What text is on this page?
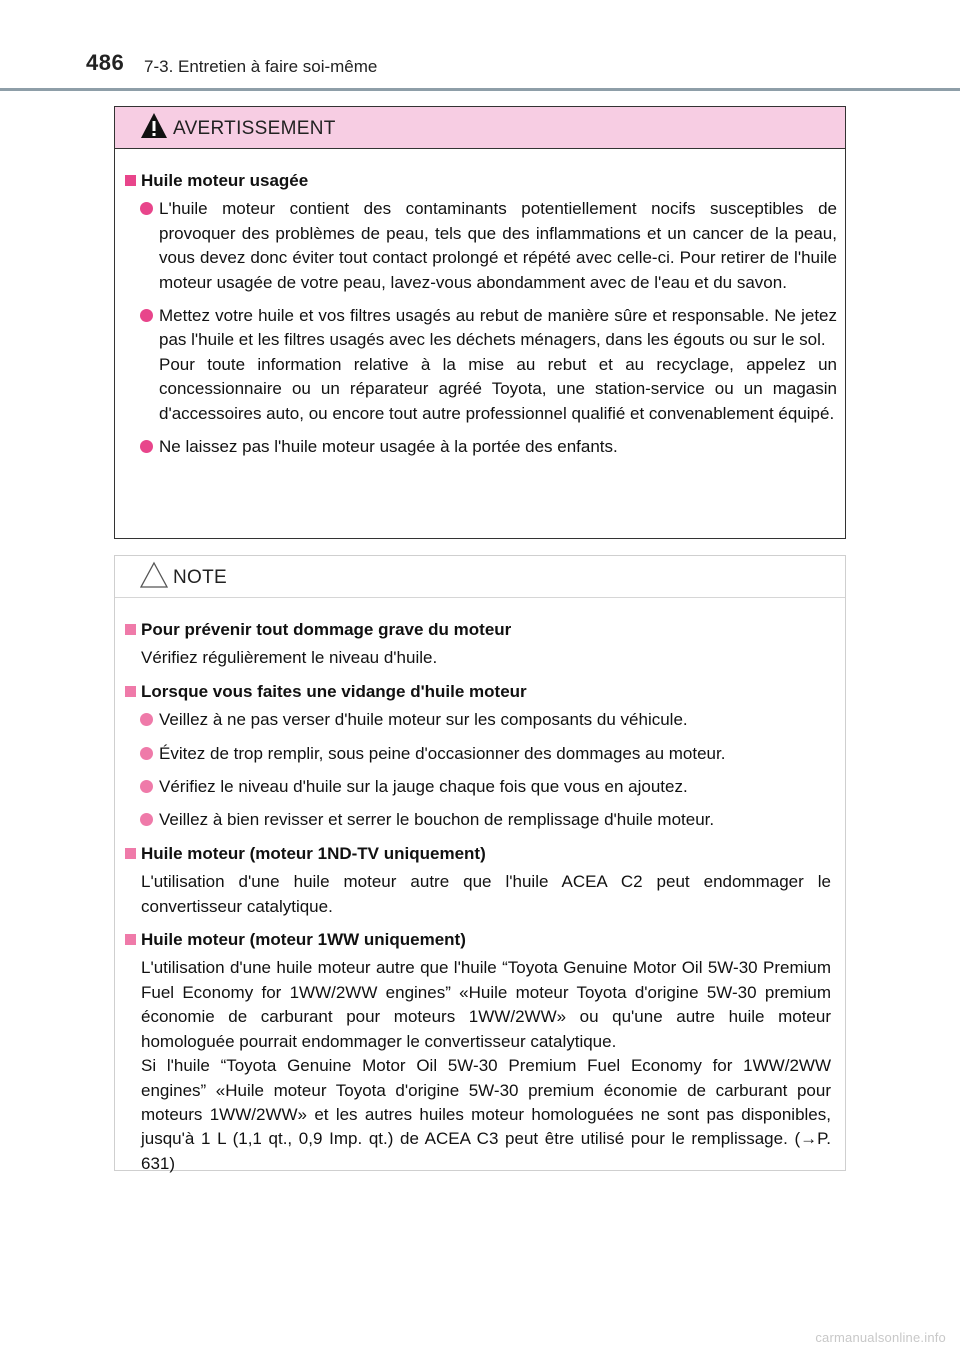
486 7-3. Entretien à faire soi-même
AVERTISSEMENT
Huile moteur usagée
L'huile moteur contient des contaminants potentiellement nocifs susceptibles de provoquer des problèmes de peau, tels que des inflammations et un cancer de la peau, vous devez donc éviter tout contact prolongé et répété avec celle-ci. Pour retirer de l'huile moteur usagée de votre peau, lavez-vous abondamment avec de l'eau et du savon.
Mettez votre huile et vos filtres usagés au rebut de manière sûre et responsable. Ne jetez pas l'huile et les filtres usagés avec les déchets ménagers, dans les égouts ou sur le sol.
Pour toute information relative à la mise au rebut et au recyclage, appelez un concessionnaire ou un réparateur agréé Toyota, une station-service ou un magasin d'accessoires auto, ou encore tout autre professionnel qualifié et convenablement équipé.
Ne laissez pas l'huile moteur usagée à la portée des enfants.
NOTE
Pour prévenir tout dommage grave du moteur
Vérifiez régulièrement le niveau d'huile.
Lorsque vous faites une vidange d'huile moteur
Veillez à ne pas verser d'huile moteur sur les composants du véhicule.
Évitez de trop remplir, sous peine d'occasionner des dommages au moteur.
Vérifiez le niveau d'huile sur la jauge chaque fois que vous en ajoutez.
Veillez à bien revisser et serrer le bouchon de remplissage d'huile moteur.
Huile moteur (moteur 1ND-TV uniquement)
L'utilisation d'une huile moteur autre que l'huile ACEA C2 peut endommager le convertisseur catalytique.
Huile moteur (moteur 1WW uniquement)
L'utilisation d'une huile moteur autre que l'huile “Toyota Genuine Motor Oil 5W-30 Premium Fuel Economy for 1WW/2WW engines” «Huile moteur Toyota d'origine 5W-30 premium économie de carburant pour moteurs 1WW/2WW» ou qu'une autre huile moteur homologuée pourrait endommager le convertisseur catalytique.
Si l'huile “Toyota Genuine Motor Oil 5W-30 Premium Fuel Economy for 1WW/2WW engines” «Huile moteur Toyota d'origine 5W-30 premium économie de carburant pour moteurs 1WW/2WW» et les autres huiles moteur homologuées ne sont pas disponibles, jusqu'à 1 L (1,1 qt., 0,9 Imp. qt.) de ACEA C3 peut être utilisé pour le remplissage. (→P. 631)
carmanualsonline.info
